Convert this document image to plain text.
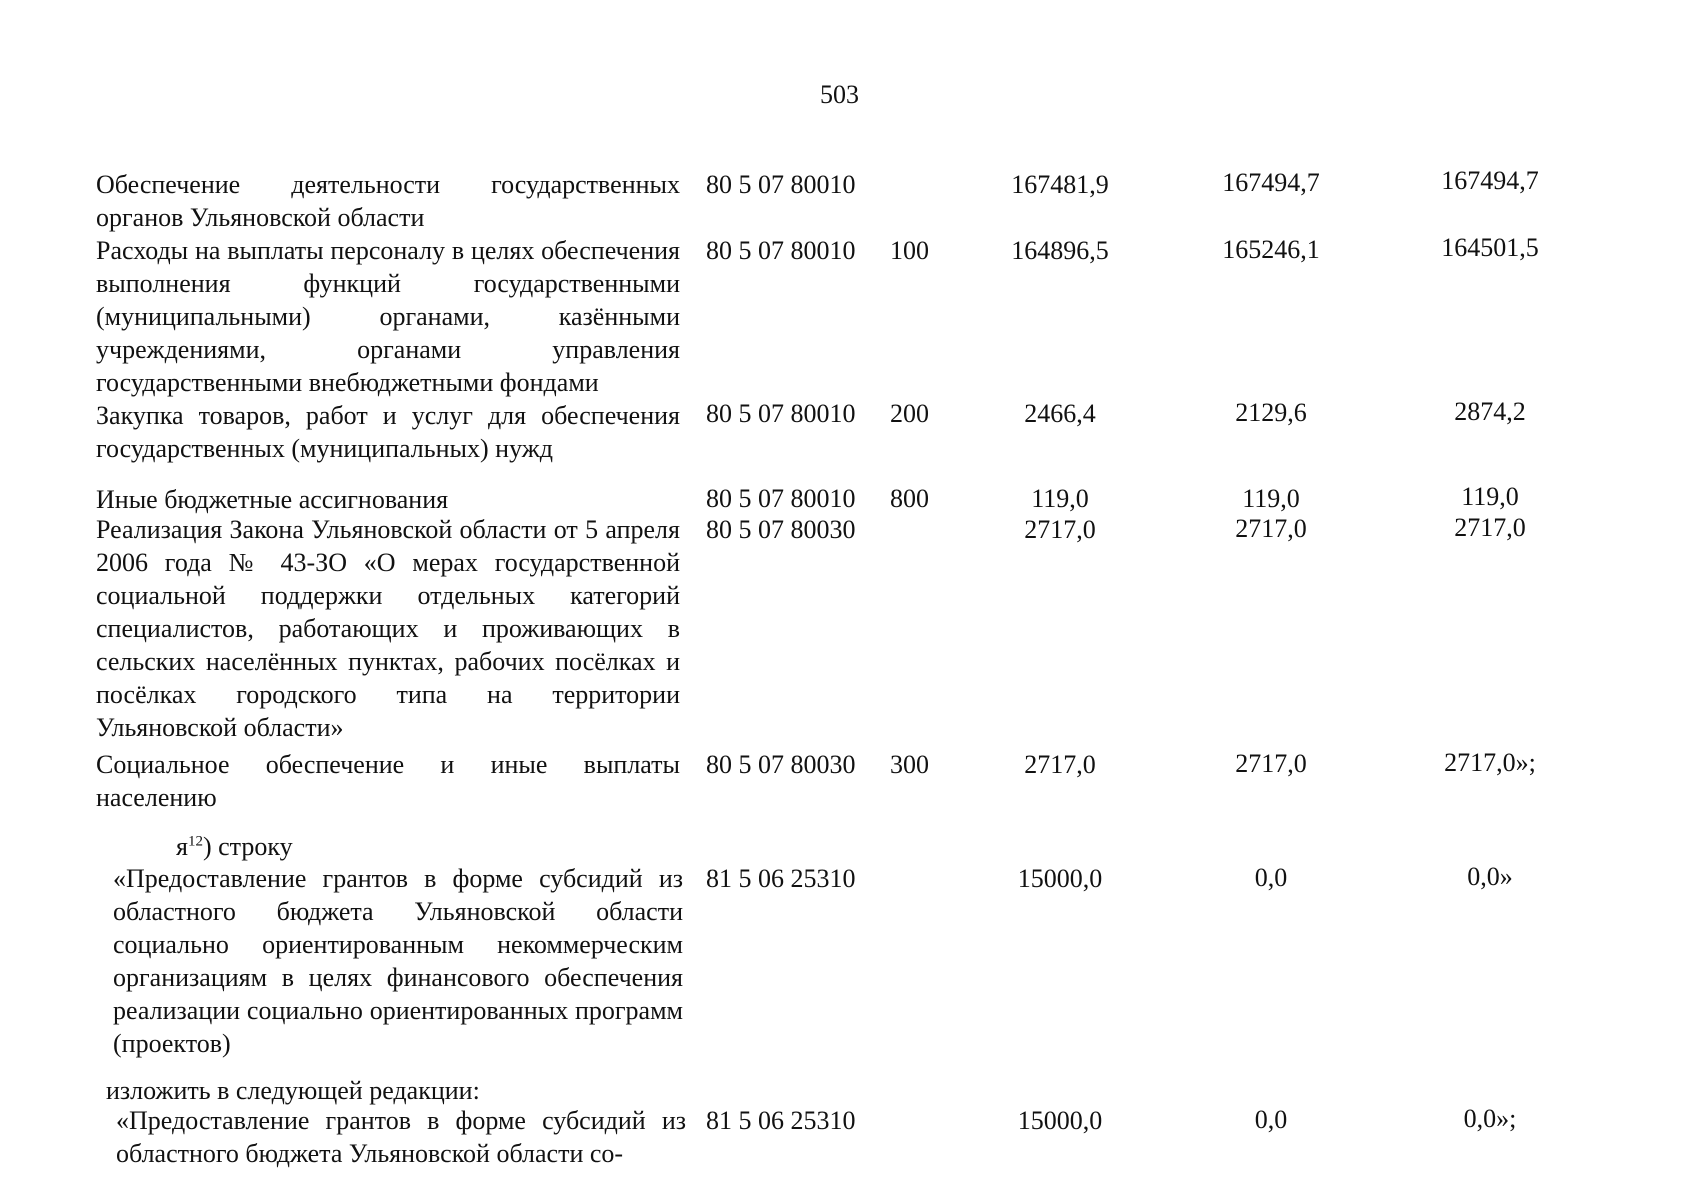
503
Обеспечение деятельности государственных органов Ульяновской области
80 5 07 80010	167481,9	167494,7	167494,7
Расходы на выплаты персоналу в целях обеспечения выполнения функций государственными (муниципальными) органами, казёнными учреждениями, органами управления государственными внебюджетными фондами
80 5 07 80010 100	164896,5	165246,1	164501,5
Закупка товаров, работ и услуг для обеспечения государственных (муниципальных) нужд
80 5 07 80010 200	2466,4	2129,6	2874,2
Иные бюджетные ассигнования	80 5 07 80010 800	119,0	119,0	119,0
Реализация Закона Ульяновской области от 5 апреля 2006 года № 43-ЗО «О мерах государственной социальной поддержки отдельных категорий специалистов, работающих и проживающих в сельских населённых пунктах, рабочих посёлках и посёлках городского типа на территории Ульяновской области»
80 5 07 80030	2717,0	2717,0	2717,0
Социальное обеспечение и иные выплаты населению
80 5 07 80030 300	2717,0	2717,0	2717,0»;
$я^{12}$) строку
«Предоставление грантов в форме субсидий из областного бюджета Ульяновской области социально ориентированным некоммерческим организациям в целях финансового обеспечения реализации социально ориентированных программ (проектов)
81 5 06 25310	15000,0	0,0	0,0»
изложить в следующей редакции:
«Предоставление грантов в форме субсидий из областного бюджета Ульяновской области со-
81 5 06 25310	15000,0	0,0	0,0»;
